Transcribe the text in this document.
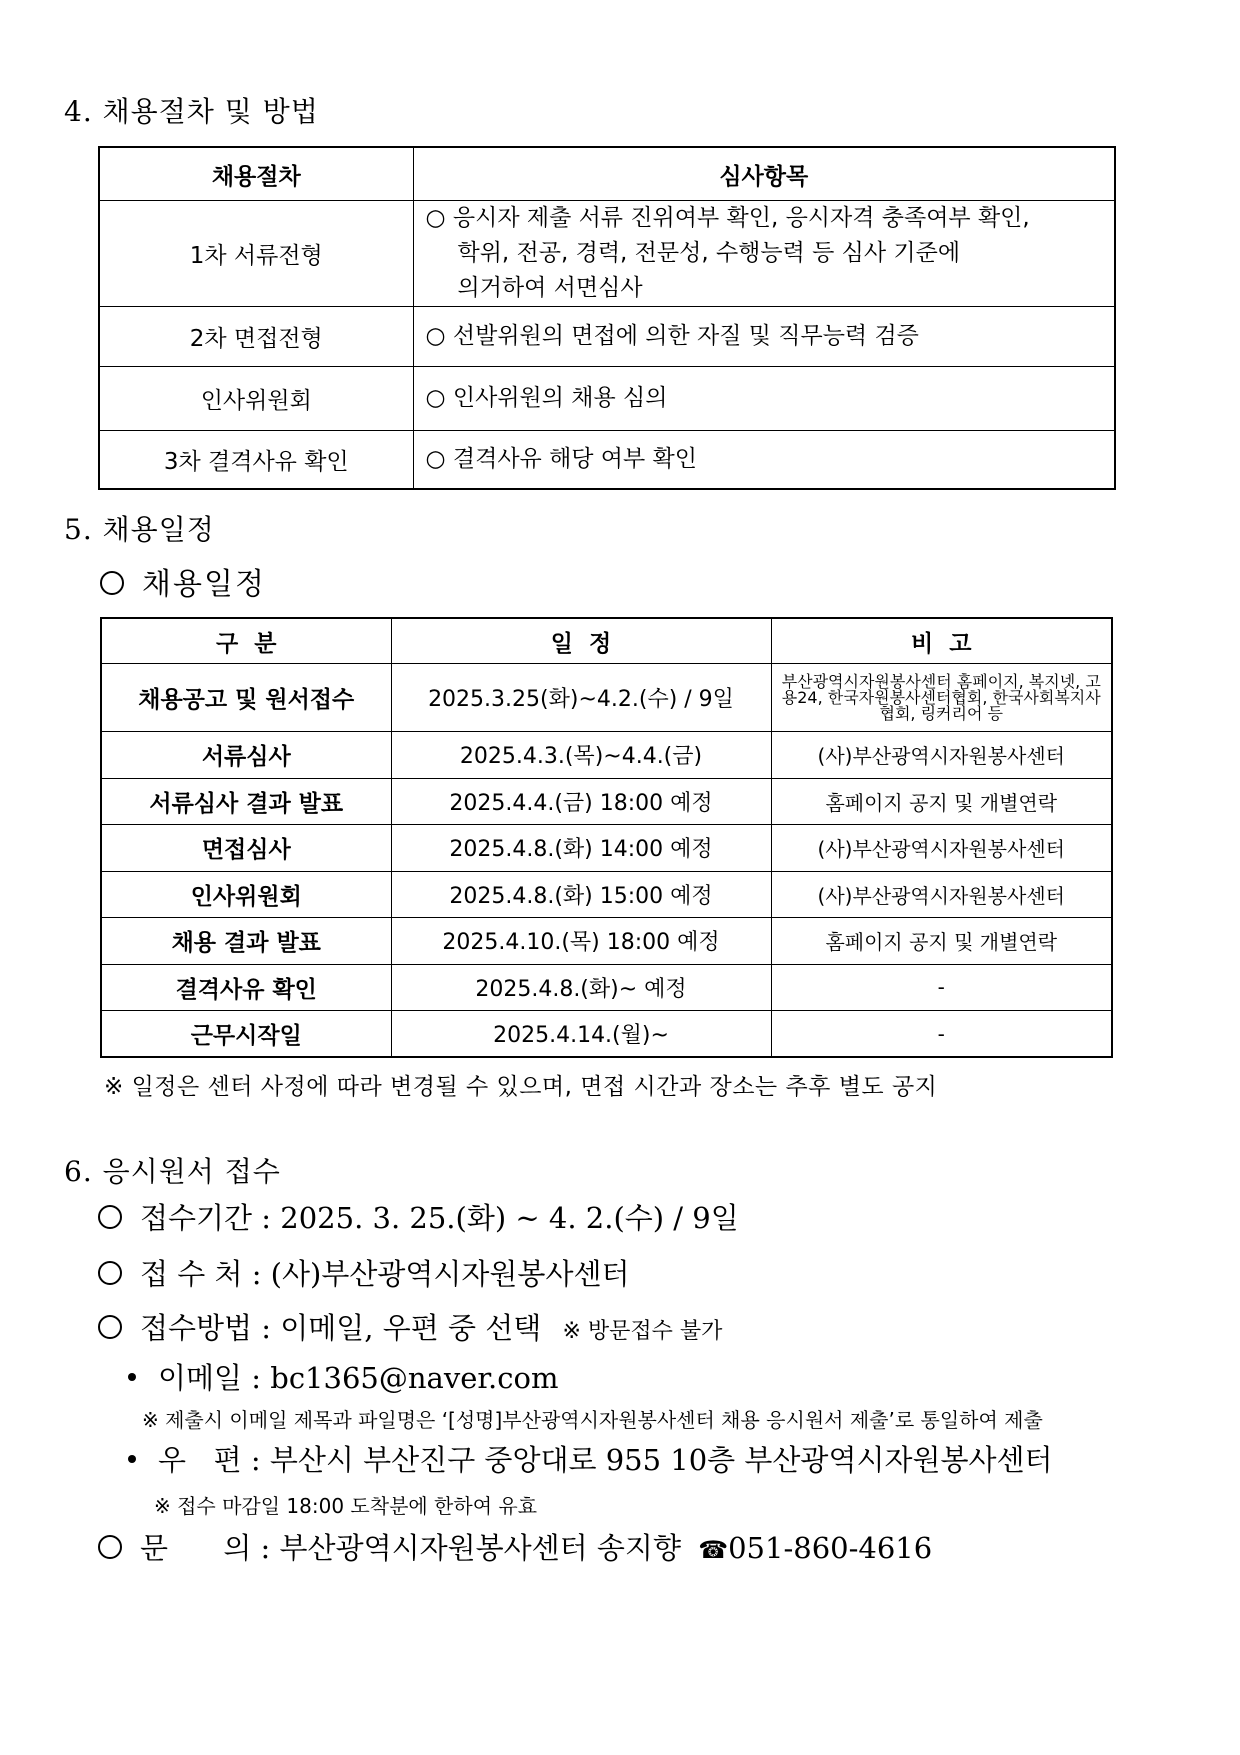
4. 채용절차 및 방법
채용절차	심사항목
1차 서류전형	○ 응시자 제출 서류 진위여부 확인, 응시자격 충족여부 확인,
학위, 전공, 경력, 전문성, 수행능력 등 심사 기준에
의거하여 서면심사

2차 면접전형	○ 선발위원의 면접에 의한 자질 및 직무능력 검증
인사위원회	○ 인사위원의 채용 심의
3차 결격사유 확인	○ 결격사유 해당 여부 확인
5. 채용일정
채용일정
구  분	일  정	비  고
채용공고 및 원서접수	2025.3.25(화)~4.2.(수) / 9일	부산광역시자원봉사센터 홈페이지, 복지넷, 고용24, 한국자원봉사센터협회, 한국사회복지사협회, 링커리어 등
서류심사	2025.4.3.(목)~4.4.(금)	(사)부산광역시자원봉사센터
서류심사 결과 발표	2025.4.4.(금) 18:00 예정	홈페이지 공지 및 개별연락
면접심사	2025.4.8.(화) 14:00 예정	(사)부산광역시자원봉사센터
인사위원회	2025.4.8.(화) 15:00 예정	(사)부산광역시자원봉사센터
채용 결과 발표	2025.4.10.(목) 18:00 예정	홈페이지 공지 및 개별연락
결격사유 확인	2025.4.8.(화)~ 예정	-
근무시작일	2025.4.14.(월)~	-
※ 일정은 센터 사정에 따라 변경될 수 있으며, 면접 시간과 장소는 추후 별도 공지
6. 응시원서 접수
접수기간 : 2025. 3. 25.(화) ~ 4. 2.(수) / 9일
접 수 처 : (사)부산광역시자원봉사센터
접수방법 : 이메일, 우편 중 선택 ※ 방문접수 불가
이메일 : bc1365@naver.com
※ 제출시 이메일 제목과 파일명은 ‘[성명]부산광역시자원봉사센터 채용 응시원서 제출’로 통일하여 제출
우   편 : 부산시 부산진구 중앙대로 955 10층 부산광역시자원봉사센터
※ 접수 마감일 18:00 도착분에 한하여 유효
문      의 : 부산광역시자원봉사센터 송지향 ☎051-860-4616
